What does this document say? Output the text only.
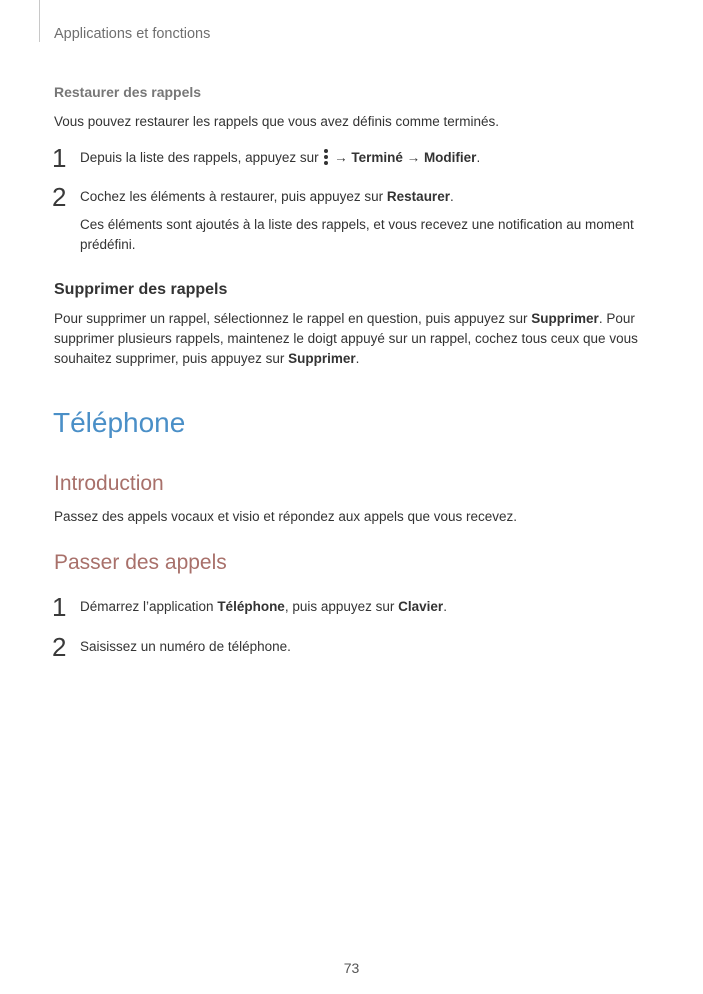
Applications et fonctions
Restaurer des rappels
Vous pouvez restaurer les rappels que vous avez définis comme terminés.
1 Depuis la liste des rappels, appuyez sur
→ Terminé → Modifier.
2 Cochez les éléments à restaurer, puis appuyez sur Restaurer.
Ces éléments sont ajoutés à la liste des rappels, et vous recevez une notification au moment prédéfini.
Supprimer des rappels
Pour supprimer un rappel, sélectionnez le rappel en question, puis appuyez sur Supprimer. Pour supprimer plusieurs rappels, maintenez le doigt appuyé sur un rappel, cochez tous ceux que vous souhaitez supprimer, puis appuyez sur Supprimer.
Téléphone
Introduction
Passez des appels vocaux et visio et répondez aux appels que vous recevez.
Passer des appels
1 Démarrez l’application Téléphone, puis appuyez sur Clavier.
2 Saisissez un numéro de téléphone.
73
